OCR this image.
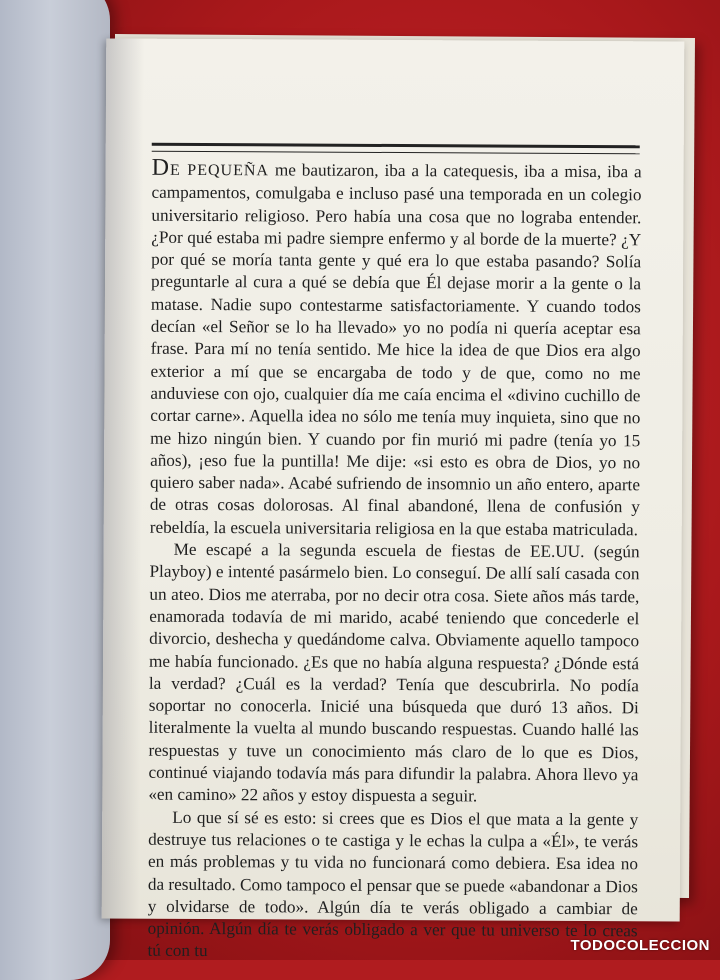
DE PEQUEÑA me bautizaron, iba a la catequesis, iba a misa, iba a campamentos, comulgaba e incluso pasé una temporada en un colegio universitario religioso. Pero había una cosa que no lograba entender. ¿Por qué estaba mi padre siempre enfermo y al borde de la muerte? ¿Y por qué se moría tanta gente y qué era lo que estaba pasando? Solía preguntarle al cura a qué se debía que Él dejase morir a la gente o la matase. Nadie supo contestarme satisfactoriamente. Y cuando todos decían «el Señor se lo ha llevado» yo no podía ni quería aceptar esa frase. Para mí no tenía sentido. Me hice la idea de que Dios era algo exterior a mí que se encargaba de todo y de que, como no me anduviese con ojo, cualquier día me caía encima el «divino cuchillo de cortar carne». Aquella idea no sólo me tenía muy inquieta, sino que no me hizo ningún bien. Y cuando por fin murió mi padre (tenía yo 15 años), ¡eso fue la puntilla! Me dije: «si esto es obra de Dios, yo no quiero saber nada». Acabé sufriendo de insomnio un año entero, aparte de otras cosas dolorosas. Al final abandoné, llena de confusión y rebeldía, la escuela universitaria religiosa en la que estaba matriculada.

Me escapé a la segunda escuela de fiestas de EE.UU. (según Playboy) e intenté pasármelo bien. Lo conseguí. De allí salí casada con un ateo. Dios me aterraba, por no decir otra cosa. Siete años más tarde, enamorada todavía de mi marido, acabé teniendo que concederle el divorcio, deshecha y quedándome calva. Obviamente aquello tampoco me había funcionado. ¿Es que no había alguna respuesta? ¿Dónde está la verdad? ¿Cuál es la verdad? Tenía que descubrirla. No podía soportar no conocerla. Inicié una búsqueda que duró 13 años. Di literalmente la vuelta al mundo buscando respuestas. Cuando hallé las respuestas y tuve un conocimiento más claro de lo que es Dios, continué viajando todavía más para difundir la palabra. Ahora llevo ya «en camino» 22 años y estoy dispuesta a seguir.

Lo que sí sé es esto: si crees que es Dios el que mata a la gente y destruye tus relaciones o te castiga y le echas la culpa a «Él», te verás en más problemas y tu vida no funcionará como debiera. Esa idea no da resultado. Como tampoco el pensar que se puede «abandonar a Dios y olvidarse de todo». Algún día te verás obligado a cambiar de opinión. Algún día te verás obligado a ver que tu universo te lo creas tú con tu	TODOCOLECCION
